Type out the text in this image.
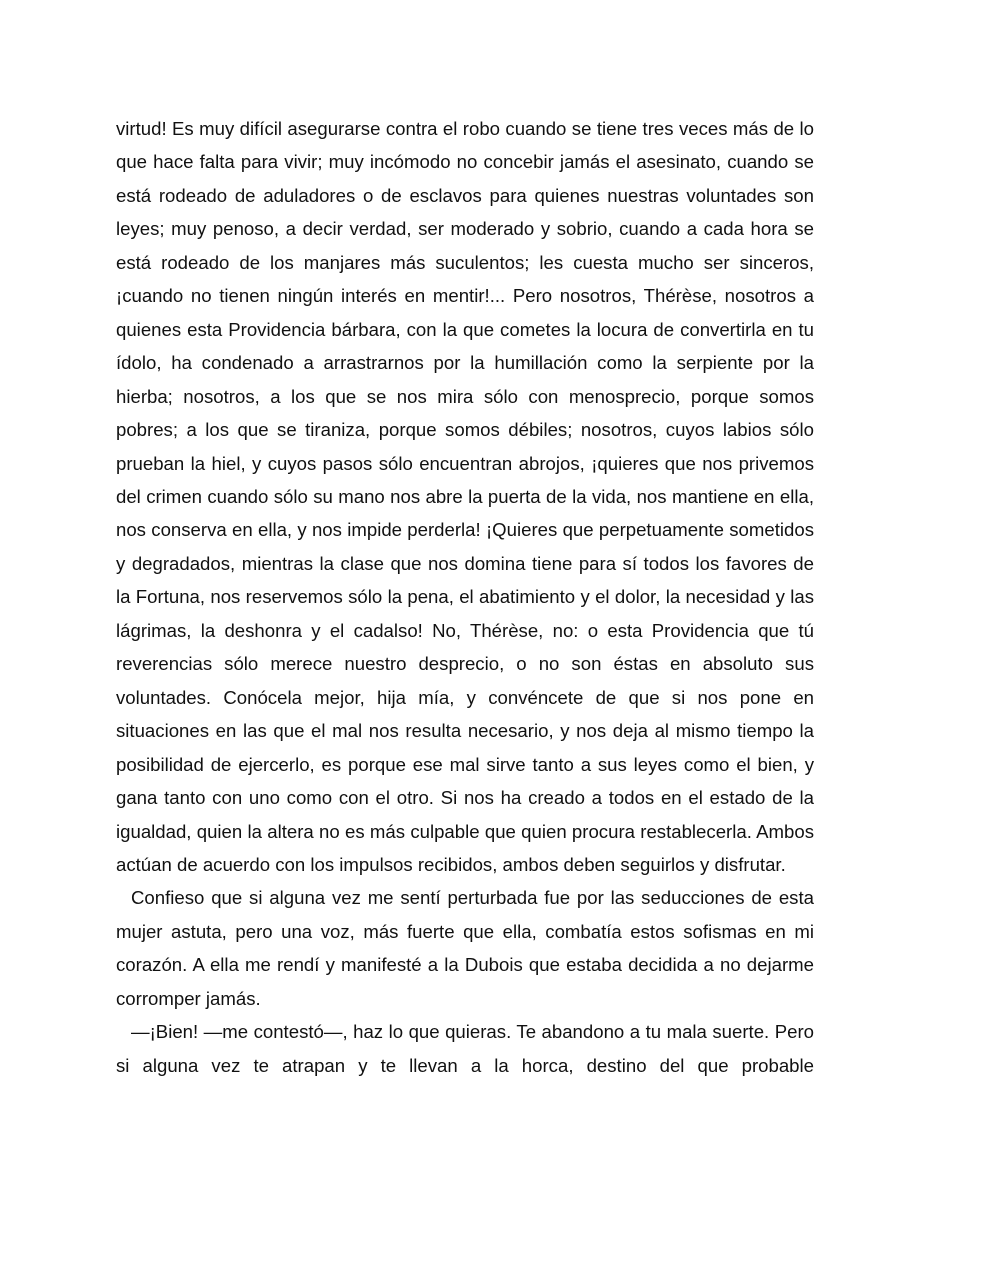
virtud! Es muy difícil asegurarse contra el robo cuando se tiene tres veces más de lo que hace falta para vivir; muy incómodo no concebir jamás el asesinato, cuando se está rodeado de aduladores o de esclavos para quienes nuestras voluntades son leyes; muy penoso, a decir verdad, ser moderado y sobrio, cuando a cada hora se está rodeado de los manjares más suculentos; les cuesta mucho ser sinceros, ¡cuando no tienen ningún interés en mentir!... Pero nosotros, Thérèse, nosotros a quienes esta Providencia bárbara, con la que cometes la locura de convertirla en tu ídolo, ha condenado a arrastrarnos por la humillación como la serpiente por la hierba; nosotros, a los que se nos mira sólo con menosprecio, porque somos pobres; a los que se tiraniza, porque somos débiles; nosotros, cuyos labios sólo prueban la hiel, y cuyos pasos sólo encuentran abrojos, ¡quieres que nos privemos del crimen cuando sólo su mano nos abre la puerta de la vida, nos mantiene en ella, nos conserva en ella, y nos impide perderla! ¡Quieres que perpetuamente sometidos y degradados, mientras la clase que nos domina tiene para sí todos los favores de la Fortuna, nos reservemos sólo la pena, el abatimiento y el dolor, la necesidad y las lágrimas, la deshonra y el cadalso! No, Thérèse, no: o esta Providencia que tú reverencias sólo merece nuestro desprecio, o no son éstas en absoluto sus voluntades. Conócela mejor, hija mía, y convéncete de que si nos pone en situaciones en las que el mal nos resulta necesario, y nos deja al mismo tiempo la posibilidad de ejercerlo, es porque ese mal sirve tanto a sus leyes como el bien, y gana tanto con uno como con el otro. Si nos ha creado a todos en el estado de la igualdad, quien la altera no es más culpable que quien procura restablecerla. Ambos actúan de acuerdo con los impulsos recibidos, ambos deben seguirlos y disfrutar.

Confieso que si alguna vez me sentí perturbada fue por las seducciones de esta mujer astuta, pero una voz, más fuerte que ella, combatía estos sofismas en mi corazón. A ella me rendí y manifesté a la Dubois que estaba decidida a no dejarme corromper jamás.

—¡Bien! —me contestó—, haz lo que quieras. Te abandono a tu mala suerte. Pero si alguna vez te atrapan y te llevan a la horca, destino del que probable
